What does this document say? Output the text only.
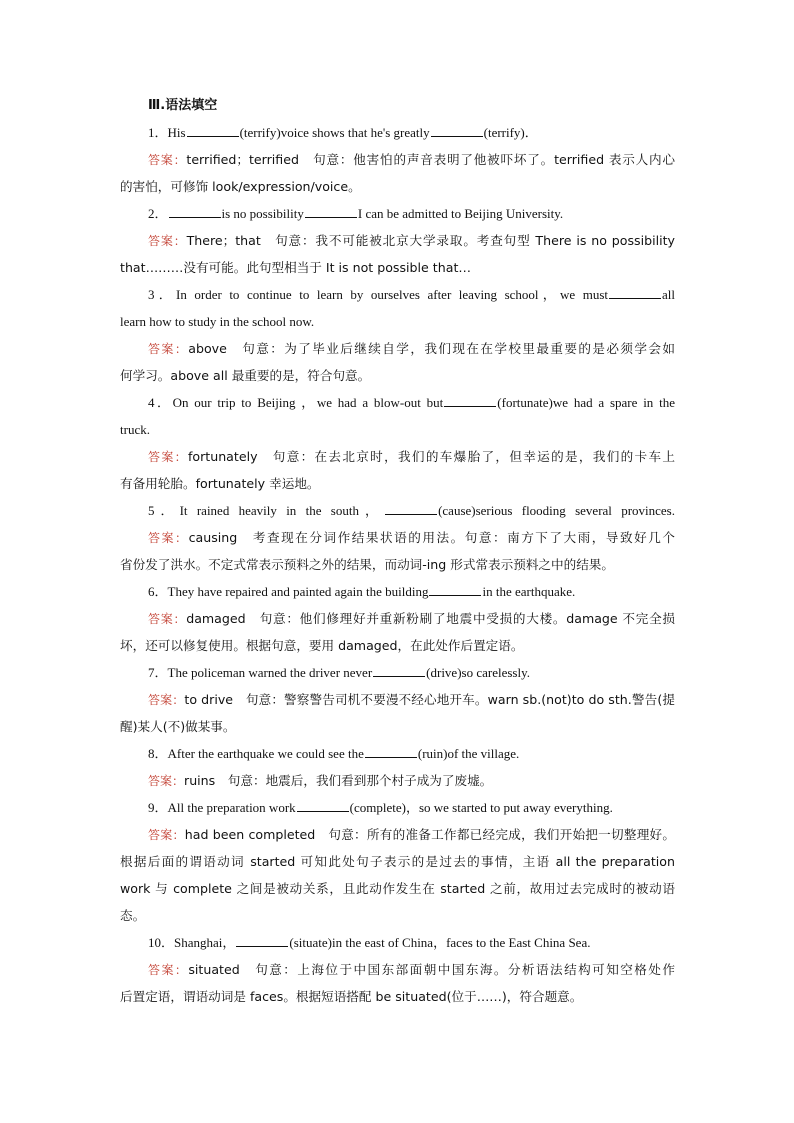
Ⅲ.语法填空

1．His	(terrify)voice shows that he's greatly	(terrify)．

答案：terrified；terrified　句意：他害怕的声音表明了他被吓坏了。terrified 表示人内心

的害怕，可修饰 look/expression/voice。

2．	is no possibility	I can be admitted to Beijing University.

答案：There；that　句意：我不可能被北京大学录取。考查句型 There is no possibility

that………没有可能。此句型相当于 It is not possible that…

3．In order to continue to learn by ourselves after leaving school，we must	all

learn how to study in the school now.

答案：above　句意：为了毕业后继续自学，我们现在在学校里最重要的是必须学会如

何学习。above all 最重要的是，符合句意。

4．On our trip to Beijing ，we had a blow-out but	(fortunate)we had a spare in the

truck.

答案：fortunately　句意：在去北京时，我们的车爆胎了，但幸运的是，我们的卡车上

有备用轮胎。fortunately 幸运地。

5．It rained heavily in the south，	(cause)serious flooding several provinces.

答案：causing　考查现在分词作结果状语的用法。句意：南方下了大雨，导致好几个

省份发了洪水。不定式常表示预料之外的结果，而动词-ing 形式常表示预料之中的结果。

6．They have repaired and painted again the building	in the earthquake.

答案：damaged　句意：他们修理好并重新粉刷了地震中受损的大楼。damage 不完全损

坏，还可以修复使用。根据句意，要用 damaged，在此处作后置定语。

7．The policeman warned the driver never	(drive)so carelessly.

答案：to drive　句意：警察警告司机不要漫不经心地开车。warn sb.(not)to do sth.警告(提

醒)某人(不)做某事。

8．After the earthquake we could see the	(ruin)of the village.

答案：ruins　句意：地震后，我们看到那个村子成为了废墟。

9．All the preparation work	(complete)，so we started to put away everything.

答案：had been completed　句意：所有的准备工作都已经完成，我们开始把一切整理好。

根据后面的谓语动词 started 可知此处句子表示的是过去的事情，主语 all the preparation

work 与 complete 之间是被动关系，且此动作发生在 started 之前，故用过去完成时的被动语

态。

10．Shanghai，	(situate)in the east of China，faces to the East China Sea.

答案：situated　句意：上海位于中国东部面朝中国东海。分析语法结构可知空格处作

后置定语，谓语动词是 faces。根据短语搭配 be situated(位于……)，符合题意。
